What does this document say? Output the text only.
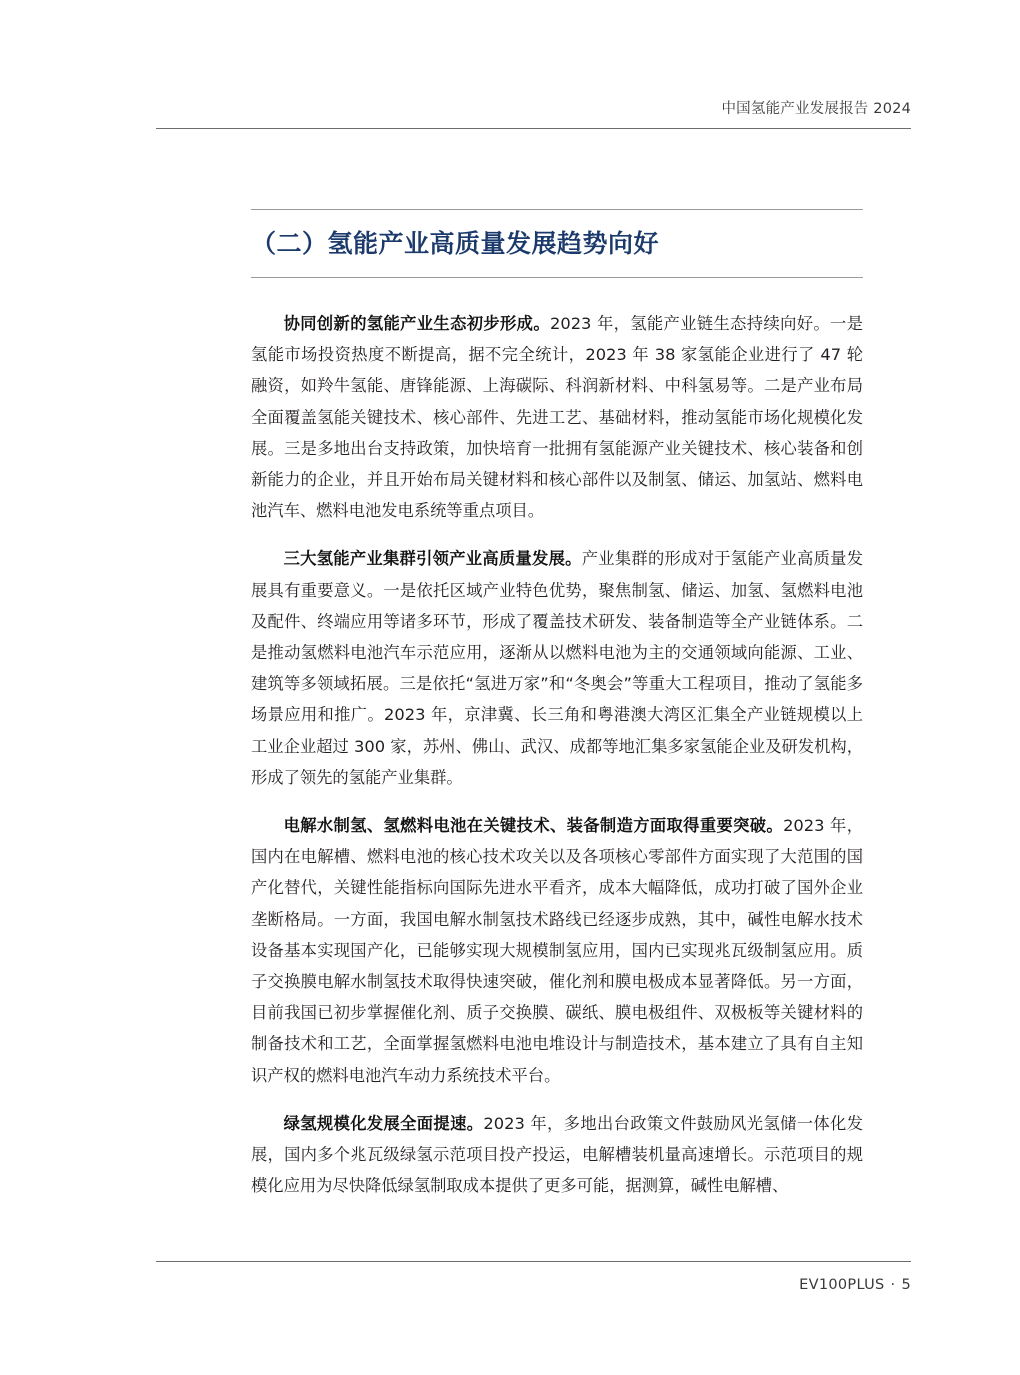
中国氢能产业发展报告 2024
（二）氢能产业高质量发展趋势向好

协同创新的氢能产业生态初步形成。2023 年，氢能产业链生态持续向好。一是氢能市场投资热度不断提高，据不完全统计，2023 年 38 家氢能企业进行了 47 轮融资，如羚牛氢能、唐锋能源、上海碳际、科润新材料、中科氢易等。二是产业布局全面覆盖氢能关键技术、核心部件、先进工艺、基础材料，推动氢能市场化规模化发展。三是多地出台支持政策，加快培育一批拥有氢能源产业关键技术、核心装备和创新能力的企业，并且开始布局关键材料和核心部件以及制氢、储运、加氢站、燃料电池汽车、燃料电池发电系统等重点项目。

三大氢能产业集群引领产业高质量发展。产业集群的形成对于氢能产业高质量发展具有重要意义。一是依托区域产业特色优势，聚焦制氢、储运、加氢、氢燃料电池及配件、终端应用等诸多环节，形成了覆盖技术研发、装备制造等全产业链体系。二是推动氢燃料电池汽车示范应用，逐渐从以燃料电池为主的交通领域向能源、工业、建筑等多领域拓展。三是依托“氢进万家”和“冬奥会”等重大工程项目，推动了氢能多场景应用和推广。2023 年，京津冀、长三角和粤港澳大湾区汇集全产业链规模以上工业企业超过 300 家，苏州、佛山、武汉、成都等地汇集多家氢能企业及研发机构，形成了领先的氢能产业集群。

电解水制氢、氢燃料电池在关键技术、装备制造方面取得重要突破。2023 年，国内在电解槽、燃料电池的核心技术攻关以及各项核心零部件方面实现了大范围的国产化替代，关键性能指标向国际先进水平看齐，成本大幅降低，成功打破了国外企业垄断格局。一方面，我国电解水制氢技术路线已经逐步成熟，其中，碱性电解水技术设备基本实现国产化，已能够实现大规模制氢应用，国内已实现兆瓦级制氢应用。质子交换膜电解水制氢技术取得快速突破，催化剂和膜电极成本显著降低。另一方面，目前我国已初步掌握催化剂、质子交换膜、碳纸、膜电极组件、双极板等关键材料的制备技术和工艺，全面掌握氢燃料电池电堆设计与制造技术，基本建立了具有自主知识产权的燃料电池汽车动力系统技术平台。

绿氢规模化发展全面提速。2023 年，多地出台政策文件鼓励风光氢储一体化发展，国内多个兆瓦级绿氢示范项目投产投运，电解槽装机量高速增长。示范项目的规模化应用为尽快降低绿氢制取成本提供了更多可能，据测算，碱性电解槽、

EV100PLUS · 5
